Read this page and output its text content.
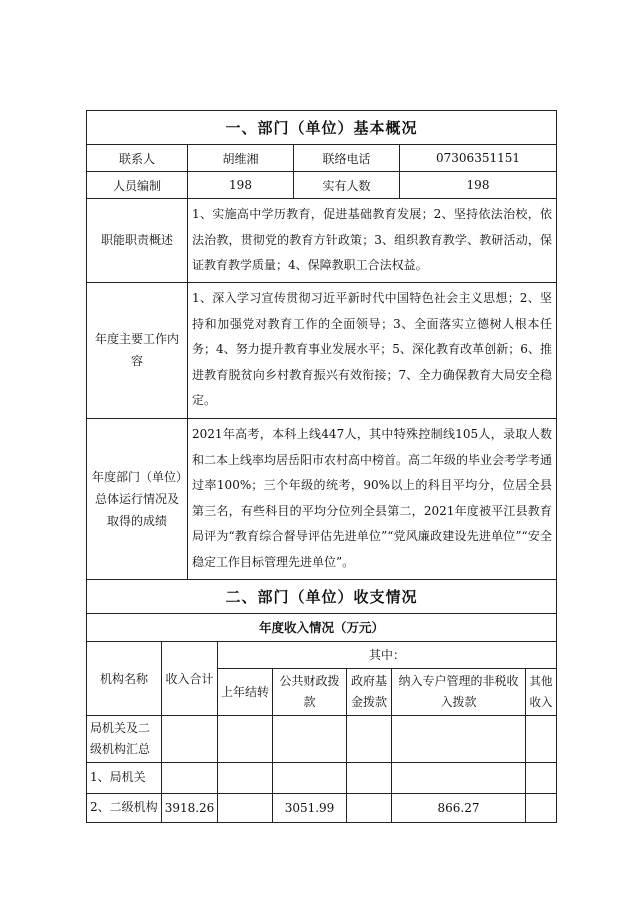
一、部门（单位）基本概况			
联系人	胡维湘	联络电话	07306351151
人员编制	198	实有人数	198
职能职责概述	1、实施高中学历教育，促进基础教育发展；2、坚持依法治校，依法治教，贯彻党的教育方针政策；3、组织教育教学、教研活动，保证教育教学质量；4、保障教职工合法权益。		
年度主要工作内容	1、深入学习宣传贯彻习近平新时代中国特色社会主义思想；2、坚持和加强党对教育工作的全面领导；3、全面落实立德树人根本任务；4、努力提升教育事业发展水平；5、深化教育改革创新；6、推进教育脱贫向乡村教育振兴有效衔接；7、全力确保教育大局安全稳定。		
年度部门（单位）总体运行情况及取得的成绩	2021年高考，本科上线447人，其中特殊控制线105人，录取人数和二本上线率均居岳阳市农村高中榜首。高二年级的毕业会考学考通过率100%；三个年级的统考，90%以上的科目平均分，位居全县第三名，有些科目的平均分位列全县第二，2021年度被平江县教育局评为“教育综合督导评估先进单位”“党风廉政建设先进单位”“安全稳定工作目标管理先进单位”。		
二、部门（单位）收支情况			
年度收入情况（万元）						
机构名称	收入合计	其中：				
		上年结转	公共财政拨款	政府基金拨款	纳入专户管理的非税收入拨款	其他收入
局机关及二级机构汇总						
1、局机关						
2、二级机构	3918.26		3051.99		866.27	
